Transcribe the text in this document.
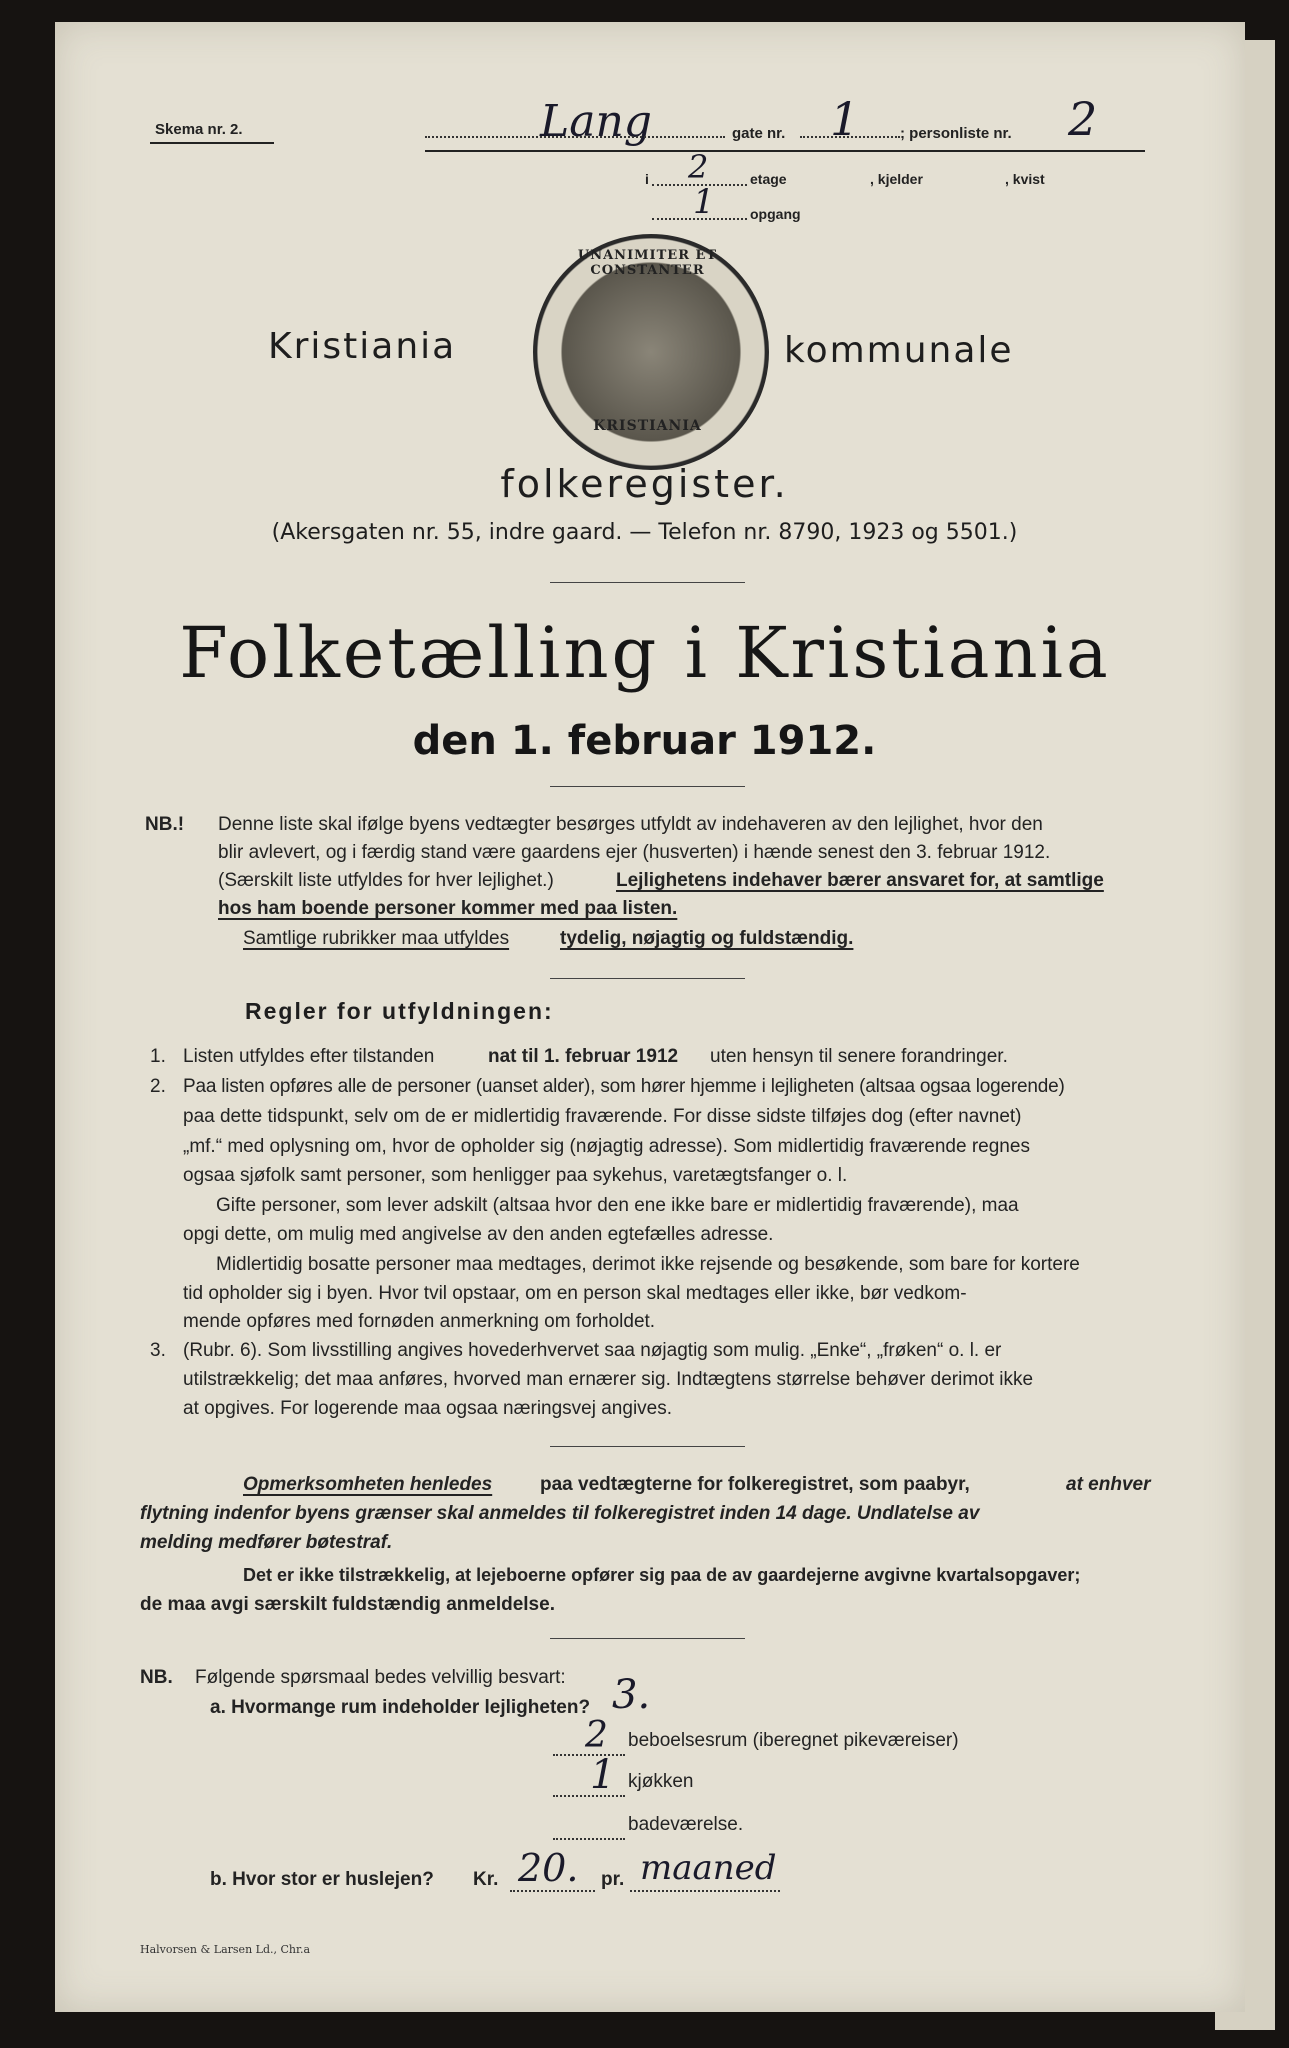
Skema nr. 2.	Lang	gate nr. 1	; personliste nr. 2
i 2	etage	, kjelder	, kvist
1	opgang
UNANIMITER ET CONSTANTER
KRISTIANIA
Kristiania	kommunale
folkeregister.
(Akersgaten nr. 55, indre gaard. — Telefon nr. 8790, 1923 og 5501.)
Folketælling i Kristiania
den 1. februar 1912.
NB.! Denne liste skal ifølge byens vedtægter besørges utfyldt av indehaveren av den lejlighet, hvor den
blir avlevert, og i færdig stand være gaardens ejer (husverten) i hænde senest den 3. februar 1912.
(Særskilt liste utfyldes for hver lejlighet.)	Lejlighetens indehaver bærer ansvaret for, at samtlige
hos ham boende personer kommer med paa listen.
Samtlige rubrikker maa utfyldes	tydelig, nøjagtig og fuldstændig.
Regler for utfyldningen:
1. Listen utfyldes efter tilstanden	nat til 1. februar 1912 uten hensyn til senere forandringer.
2. Paa listen opføres alle de personer (uanset alder), som hører hjemme i lejligheten (altsaa ogsaa logerende)
paa dette tidspunkt, selv om de er midlertidig fraværende. For disse sidste tilføjes dog (efter navnet)
„mf.“ med oplysning om, hvor de opholder sig (nøjagtig adresse). Som midlertidig fraværende regnes
ogsaa sjøfolk samt personer, som henligger paa sykehus, varetægtsfanger o. l.
Gifte personer, som lever adskilt (altsaa hvor den ene ikke bare er midlertidig fraværende), maa
opgi dette, om mulig med angivelse av den anden egtefælles adresse.
Midlertidig bosatte personer maa medtages, derimot ikke rejsende og besøkende, som bare for kortere
tid opholder sig i byen. Hvor tvil opstaar, om en person skal medtages eller ikke, bør vedkom-
mende opføres med fornøden anmerkning om forholdet.
3. (Rubr. 6). Som livsstilling angives hovederhvervet saa nøjagtig som mulig. „Enke“, „frøken“ o. l. er
utilstrækkelig; det maa anføres, hvorved man ernærer sig. Indtægtens størrelse behøver derimot ikke
at opgives. For logerende maa ogsaa næringsvej angives.
Opmerksomheten henledes	paa vedtægterne for folkeregistret, som paabyr,	at enhver
flytning indenfor byens grænser skal anmeldes til folkeregistret inden 14 dage. Undlatelse av
melding medfører bøtestraf.
Det er ikke tilstrækkelig, at lejeboerne opfører sig paa de av gaardejerne avgivne kvartalsopgaver;
de maa avgi særskilt fuldstændig anmeldelse.
NB. Følgende spørsmaal bedes velvillig besvart:
a. Hvormange rum indeholder lejligheten? 3.
2 beboelsesrum (iberegnet pikeværeiser)
1 kjøkken
badeværelse.
b. Hvor stor er huslejen? Kr. 20. pr. maaned
Halvorsen & Larsen Ld., Chr.a
